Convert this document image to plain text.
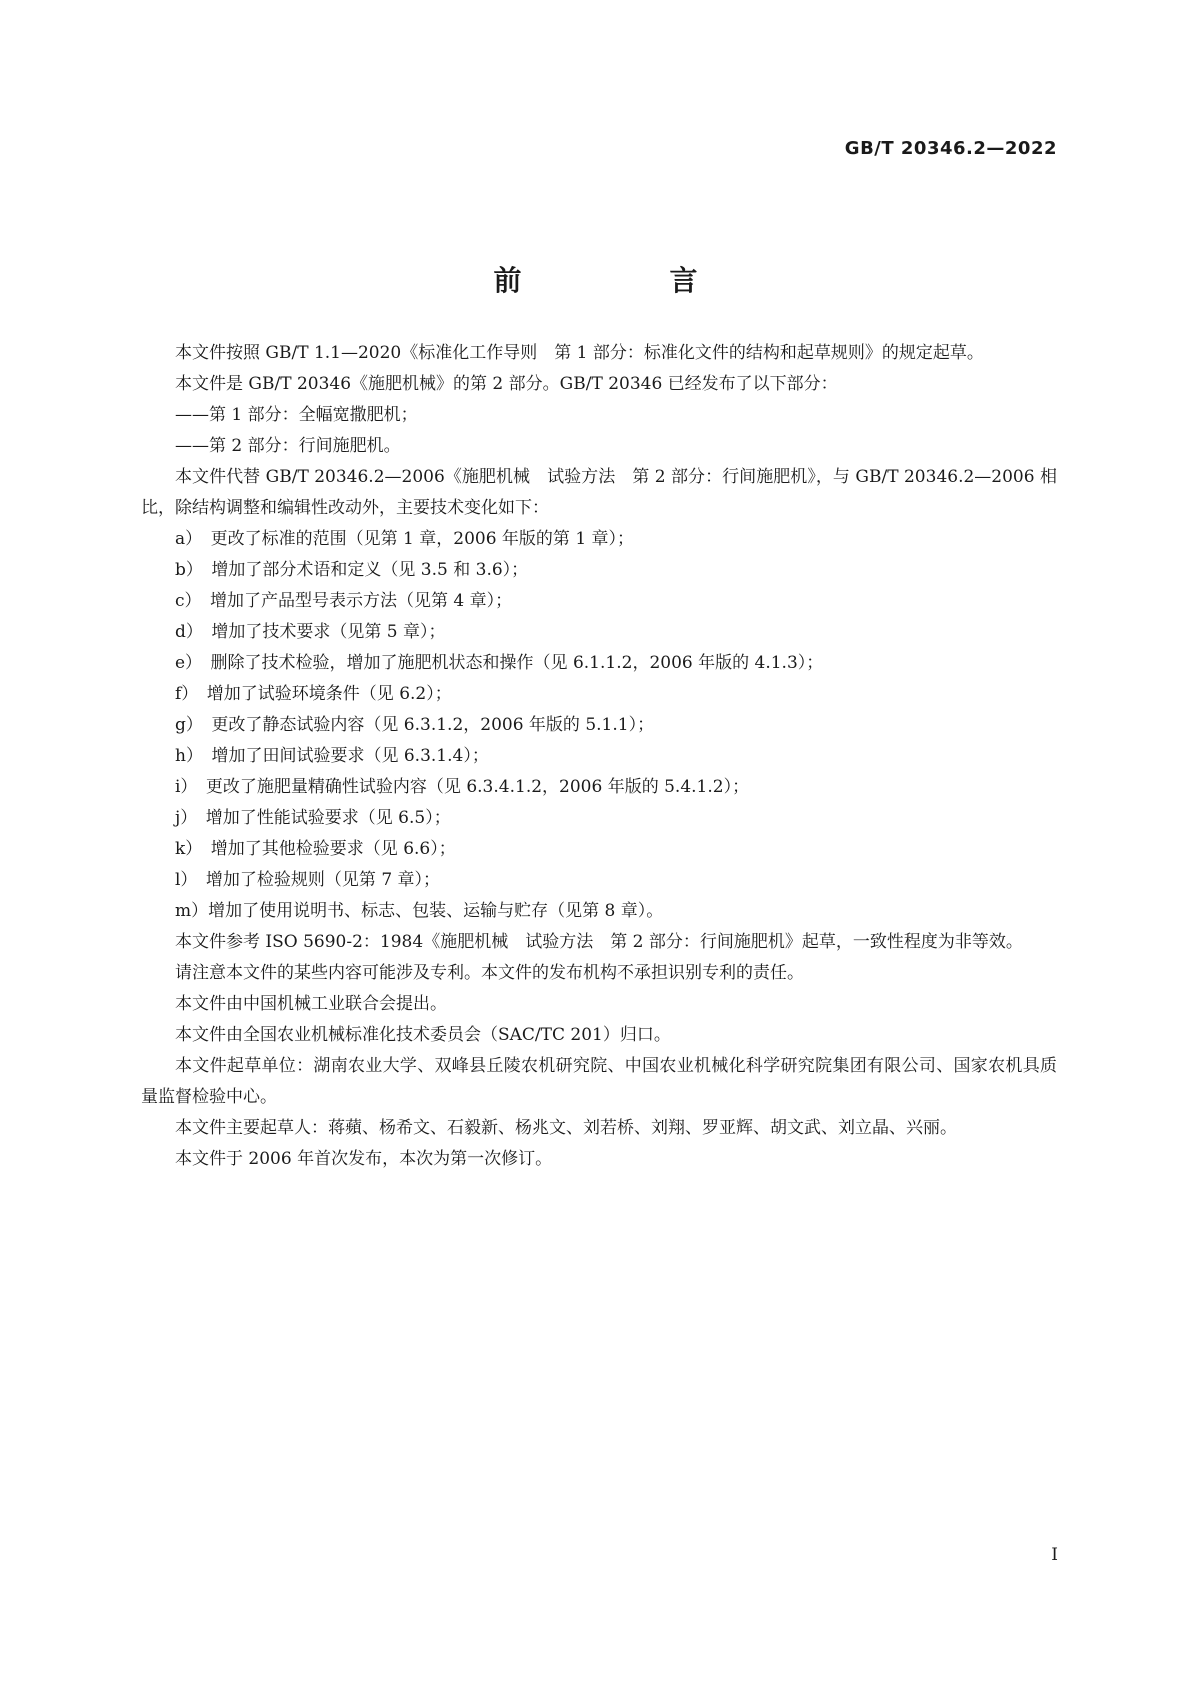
GB/T 20346.2—2022
前　言

本文件按照 GB/T 1.1—2020《标准化工作导则　第 1 部分：标准化文件的结构和起草规则》的规定起草。

本文件是 GB/T 20346《施肥机械》的第 2 部分。GB/T 20346 已经发布了以下部分：

——第 1 部分：全幅宽撒肥机；

——第 2 部分：行间施肥机。

本文件代替 GB/T 20346.2—2006《施肥机械　试验方法　第 2 部分：行间施肥机》，与 GB/T 20346.2—2006 相比，除结构调整和编辑性改动外，主要技术变化如下：

a）　更改了标准的范围（见第 1 章，2006 年版的第 1 章）；

b）　增加了部分术语和定义（见 3.5 和 3.6）；

c）　增加了产品型号表示方法（见第 4 章）；

d）　增加了技术要求（见第 5 章）；

e）　删除了技术检验，增加了施肥机状态和操作（见 6.1.1.2，2006 年版的 4.1.3）；

f）　增加了试验环境条件（见 6.2）；

g）　更改了静态试验内容（见 6.3.1.2，2006 年版的 5.1.1）；

h）　增加了田间试验要求（见 6.3.1.4）；

i）　更改了施肥量精确性试验内容（见 6.3.4.1.2，2006 年版的 5.4.1.2）；

j）　增加了性能试验要求（见 6.5）；

k）　增加了其他检验要求（见 6.6）；

l）　增加了检验规则（见第 7 章）；

m）增加了使用说明书、标志、包装、运输与贮存（见第 8 章）。

本文件参考 ISO 5690-2：1984《施肥机械　试验方法　第 2 部分：行间施肥机》起草，一致性程度为非等效。

请注意本文件的某些内容可能涉及专利。本文件的发布机构不承担识别专利的责任。

本文件由中国机械工业联合会提出。

本文件由全国农业机械标准化技术委员会（SAC/TC 201）归口。

本文件起草单位：湖南农业大学、双峰县丘陵农机研究院、中国农业机械化科学研究院集团有限公司、国家农机具质量监督检验中心。

本文件主要起草人：蒋蘋、杨希文、石毅新、杨兆文、刘若桥、刘翔、罗亚辉、胡文武、刘立晶、兴丽。

本文件于 2006 年首次发布，本次为第一次修订。

I
